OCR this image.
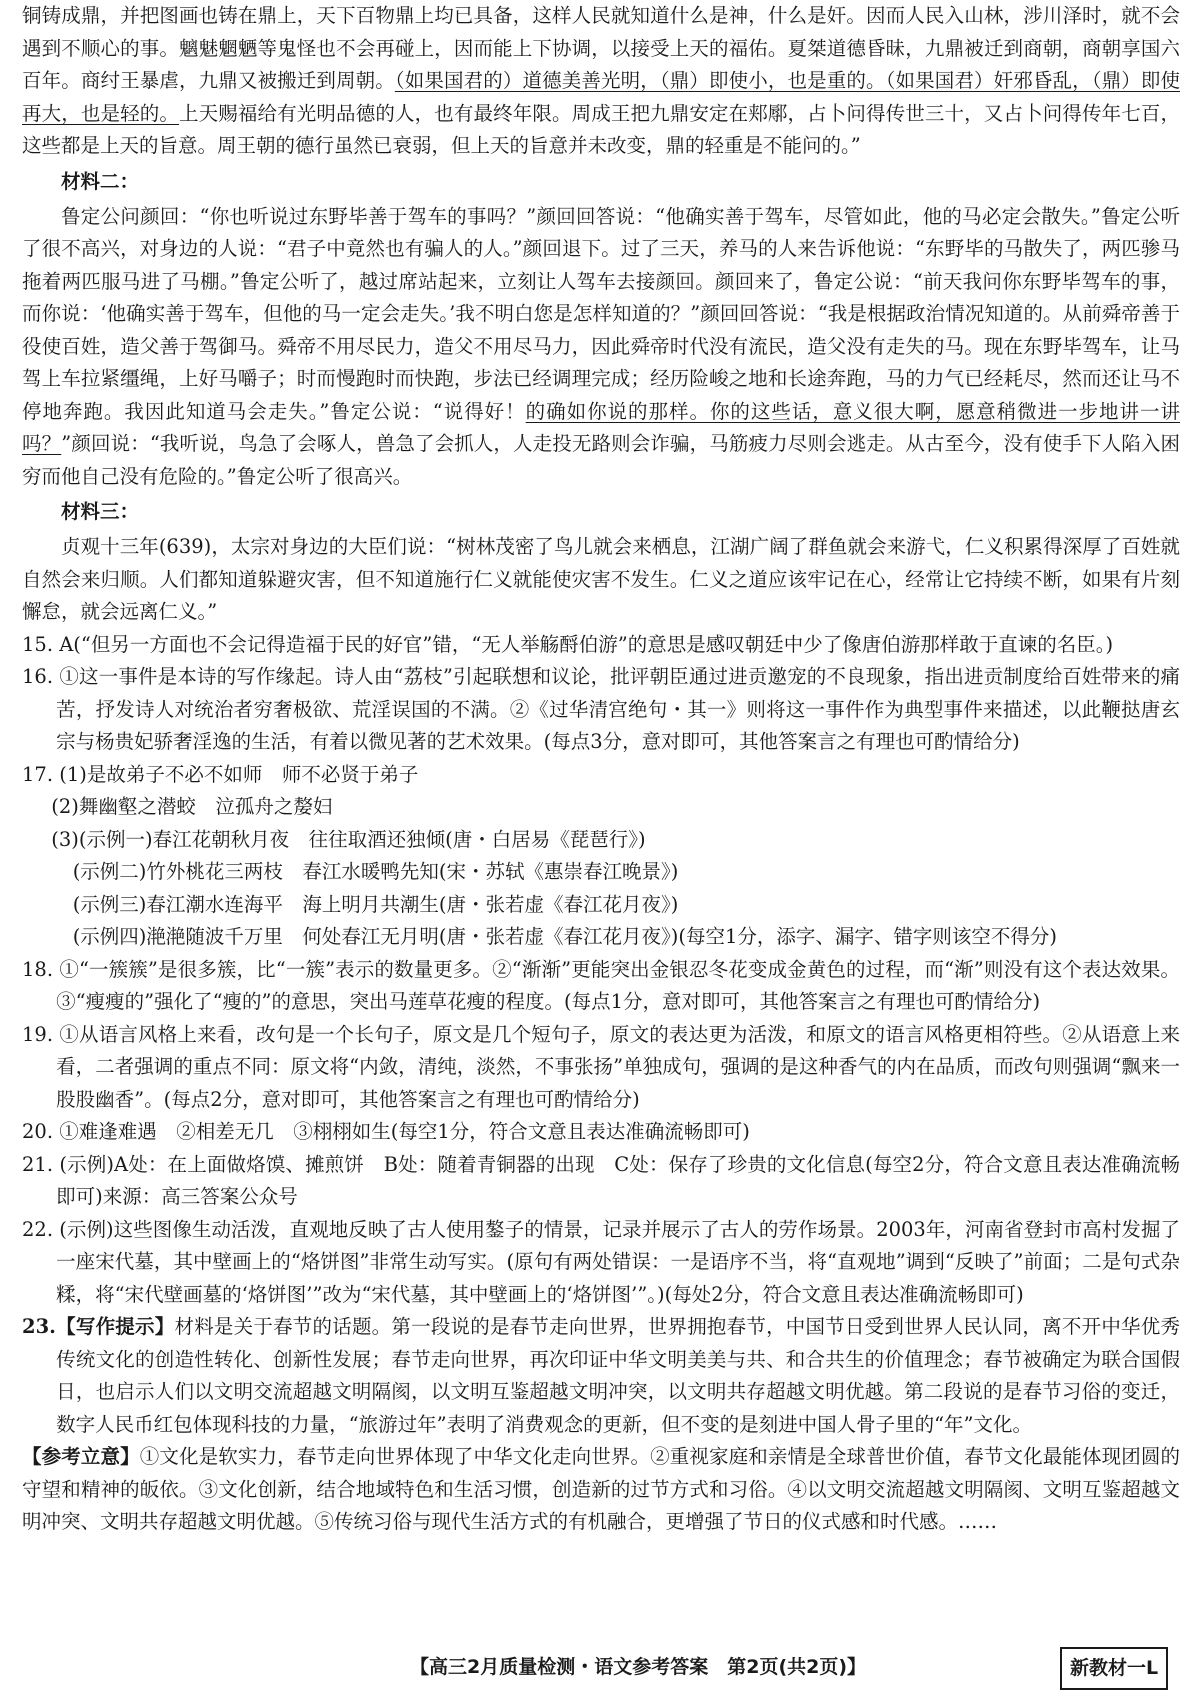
铜铸成鼎，并把图画也铸在鼎上，天下百物鼎上均已具备，这样人民就知道什么是神，什么是奸。因而人民入山林，涉川泽时，就不会遇到不顺心的事。魑魅魍魉等鬼怪也不会再碰上，因而能上下协调，以接受上天的福佑。夏桀道德昏昧，九鼎被迁到商朝，商朝享国六百年。商纣王暴虐，九鼎又被搬迁到周朝。（如果国君的）道德美善光明，（鼎）即使小，也是重的。（如果国君）奸邪昏乱，（鼎）即使再大，也是轻的。上天赐福给有光明品德的人，也有最终年限。周成王把九鼎安定在郏鄏，占卜问得传世三十，又占卜问得传年七百，这些都是上天的旨意。周王朝的德行虽然已衰弱，但上天的旨意并未改变，鼎的轻重是不能问的。”

材料二：

鲁定公问颜回：“你也听说过东野毕善于驾车的事吗？”颜回回答说：“他确实善于驾车，尽管如此，他的马必定会散失。”鲁定公听了很不高兴，对身边的人说：“君子中竟然也有骗人的人。”颜回退下。过了三天，养马的人来告诉他说：“东野毕的马散失了，两匹骖马拖着两匹服马进了马棚。”鲁定公听了，越过席站起来，立刻让人驾车去接颜回。颜回来了，鲁定公说：“前天我问你东野毕驾车的事，而你说：‘他确实善于驾车，但他的马一定会走失。’我不明白您是怎样知道的？”颜回回答说：“我是根据政治情况知道的。从前舜帝善于役使百姓，造父善于驾御马。舜帝不用尽民力，造父不用尽马力，因此舜帝时代没有流民，造父没有走失的马。现在东野毕驾车，让马驾上车拉紧缰绳，上好马嚼子；时而慢跑时而快跑，步法已经调理完成；经历险峻之地和长途奔跑，马的力气已经耗尽，然而还让马不停地奔跑。我因此知道马会走失。”鲁定公说：“说得好！的确如你说的那样。你的这些话，意义很大啊，愿意稍微进一步地讲一讲吗？”颜回说：“我听说，鸟急了会啄人，兽急了会抓人，人走投无路则会诈骗，马筋疲力尽则会逃走。从古至今，没有使手下人陷入困穷而他自己没有危险的。”鲁定公听了很高兴。

材料三：

贞观十三年(639)，太宗对身边的大臣们说：“树林茂密了鸟儿就会来栖息，江湖广阔了群鱼就会来游弋，仁义积累得深厚了百姓就自然会来归顺。人们都知道躲避灾害，但不知道施行仁义就能使灾害不发生。仁义之道应该牢记在心，经常让它持续不断，如果有片刻懈怠，就会远离仁义。”

15. A(“但另一方面也不会记得造福于民的好官”错，“无人举觞酹伯游”的意思是感叹朝廷中少了像唐伯游那样敢于直谏的名臣。)

16. ①这一事件是本诗的写作缘起。诗人由“荔枝”引起联想和议论，批评朝臣通过进贡邀宠的不良现象，指出进贡制度给百姓带来的痛苦，抒发诗人对统治者穷奢极欲、荒淫误国的不满。②《过华清宫绝句・其一》则将这一事件作为典型事件来描述，以此鞭挞唐玄宗与杨贵妃骄奢淫逸的生活，有着以微见著的艺术效果。(每点3分，意对即可，其他答案言之有理也可酌情给分)

17. (1)是故弟子不必不如师　师不必贤于弟子

(2)舞幽壑之潜蛟　泣孤舟之嫠妇

(3)(示例一)春江花朝秋月夜　往往取酒还独倾(唐・白居易《琵琶行》)

(示例二)竹外桃花三两枝　春江水暖鸭先知(宋・苏轼《惠崇春江晚景》)

(示例三)春江潮水连海平　海上明月共潮生(唐・张若虚《春江花月夜》)

(示例四)滟滟随波千万里　何处春江无月明(唐・张若虚《春江花月夜》)(每空1分，添字、漏字、错字则该空不得分)

18. ①“一簇簇”是很多簇，比“一簇”表示的数量更多。②“渐渐”更能突出金银忍冬花变成金黄色的过程，而“渐”则没有这个表达效果。③“瘦瘦的”强化了“瘦的”的意思，突出马莲草花瘦的程度。(每点1分，意对即可，其他答案言之有理也可酌情给分)

19. ①从语言风格上来看，改句是一个长句子，原文是几个短句子，原文的表达更为活泼，和原文的语言风格更相符些。②从语意上来看，二者强调的重点不同：原文将“内敛，清纯，淡然，不事张扬”单独成句，强调的是这种香气的内在品质，而改句则强调“飘来一股股幽香”。(每点2分，意对即可，其他答案言之有理也可酌情给分)

20. ①难逢难遇　②相差无几　③栩栩如生(每空1分，符合文意且表达准确流畅即可)

21. (示例)A处：在上面做烙馍、摊煎饼　B处：随着青铜器的出现　C处：保存了珍贵的文化信息(每空2分，符合文意且表达准确流畅即可)来源：高三答案公众号

22. (示例)这些图像生动活泼，直观地反映了古人使用鏊子的情景，记录并展示了古人的劳作场景。2003年，河南省登封市高村发掘了一座宋代墓，其中壁画上的“烙饼图”非常生动写实。(原句有两处错误：一是语序不当，将“直观地”调到“反映了”前面；二是句式杂糅，将“宋代壁画墓的‘烙饼图’”改为“宋代墓，其中壁画上的‘烙饼图’”。)(每处2分，符合文意且表达准确流畅即可)

23.【写作提示】材料是关于春节的话题。第一段说的是春节走向世界，世界拥抱春节，中国节日受到世界人民认同，离不开中华优秀传统文化的创造性转化、创新性发展；春节走向世界，再次印证中华文明美美与共、和合共生的价值理念；春节被确定为联合国假日，也启示人们以文明交流超越文明隔阂，以文明互鉴超越文明冲突，以文明共存超越文明优越。第二段说的是春节习俗的变迁，数字人民币红包体现科技的力量，“旅游过年”表明了消费观念的更新，但不变的是刻进中国人骨子里的“年”文化。

【参考立意】①文化是软实力，春节走向世界体现了中华文化走向世界。②重视家庭和亲情是全球普世价值，春节文化最能体现团圆的守望和精神的皈依。③文化创新，结合地域特色和生活习惯，创造新的过节方式和习俗。④以文明交流超越文明隔阂、文明互鉴超越文明冲突、文明共存超越文明优越。⑤传统习俗与现代生活方式的有机融合，更增强了节日的仪式感和时代感。……

【高三2月质量检测・语文参考答案　第2页(共2页)】	新教材一L
